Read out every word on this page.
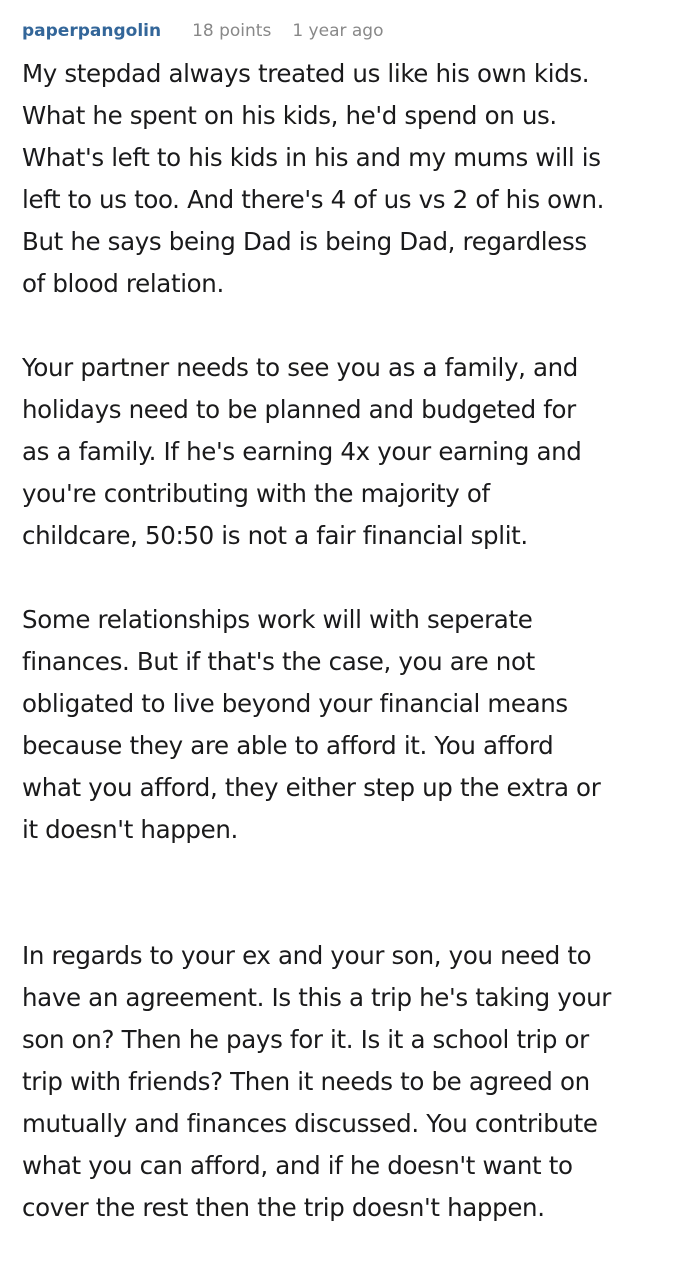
paperpangolin 18 points 1 year ago
My stepdad always treated us like his own kids.
What he spent on his kids, he'd spend on us.
What's left to his kids in his and my mums will is
left to us too. And there's 4 of us vs 2 of his own.
But he says being Dad is being Dad, regardless
of blood relation.
Your partner needs to see you as a family, and
holidays need to be planned and budgeted for
as a family. If he's earning 4x your earning and
you're contributing with the majority of
childcare, 50:50 is not a fair financial split.
Some relationships work will with seperate
finances. But if that's the case, you are not
obligated to live beyond your financial means
because they are able to afford it. You afford
what you afford, they either step up the extra or
it doesn't happen.
In regards to your ex and your son, you need to
have an agreement. Is this a trip he's taking your
son on? Then he pays for it. Is it a school trip or
trip with friends? Then it needs to be agreed on
mutually and finances discussed. You contribute
what you can afford, and if he doesn't want to
cover the rest then the trip doesn't happen.
